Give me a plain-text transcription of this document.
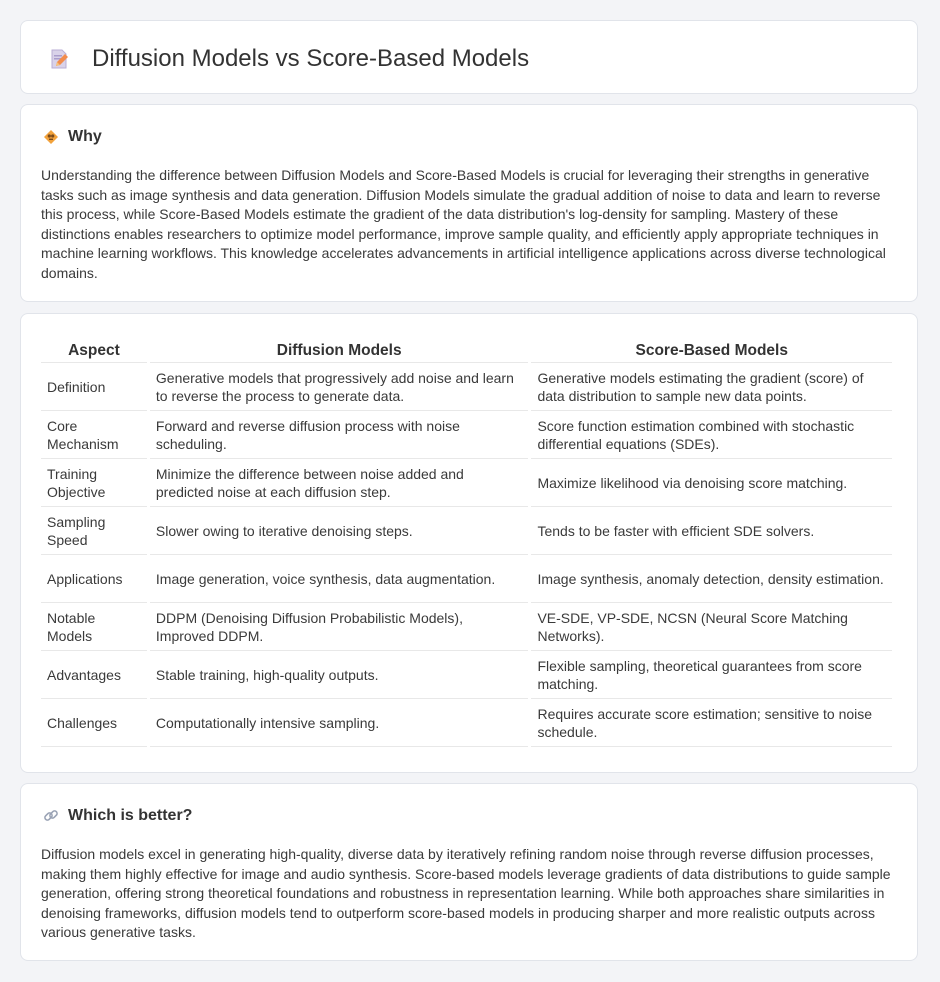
Diffusion Models vs Score-Based Models
Why

Understanding the difference between Diffusion Models and Score-Based Models is crucial for leveraging their strengths in generative tasks such as image synthesis and data generation. Diffusion Models simulate the gradual addition of noise to data and learn to reverse this process, while Score-Based Models estimate the gradient of the data distribution's log-density for sampling. Mastery of these distinctions enables researchers to optimize model performance, improve sample quality, and efficiently apply appropriate techniques in machine learning workflows. This knowledge accelerates advancements in artificial intelligence applications across diverse technological domains.

Aspect	Diffusion Models	Score-Based Models
Definition	Generative models that progressively add noise and learn to reverse the process to generate data.	Generative models estimating the gradient (score) of data distribution to sample new data points.
Core Mechanism	Forward and reverse diffusion process with noise scheduling.	Score function estimation combined with stochastic differential equations (SDEs).
Training Objective	Minimize the difference between noise added and predicted noise at each diffusion step.	Maximize likelihood via denoising score matching.
Sampling Speed	Slower owing to iterative denoising steps.	Tends to be faster with efficient SDE solvers.
Applications	Image generation, voice synthesis, data augmentation.	Image synthesis, anomaly detection, density estimation.
Notable Models	DDPM (Denoising Diffusion Probabilistic Models), Improved DDPM.	VE-SDE, VP-SDE, NCSN (Neural Score Matching Networks).
Advantages	Stable training, high-quality outputs.	Flexible sampling, theoretical guarantees from score matching.
Challenges	Computationally intensive sampling.	Requires accurate score estimation; sensitive to noise schedule.
Which is better?

Diffusion models excel in generating high-quality, diverse data by iteratively refining random noise through reverse diffusion processes, making them highly effective for image and audio synthesis. Score-based models leverage gradients of data distributions to guide sample generation, offering strong theoretical foundations and robustness in representation learning. While both approaches share similarities in denoising frameworks, diffusion models tend to outperform score-based models in producing sharper and more realistic outputs across various generative tasks.
